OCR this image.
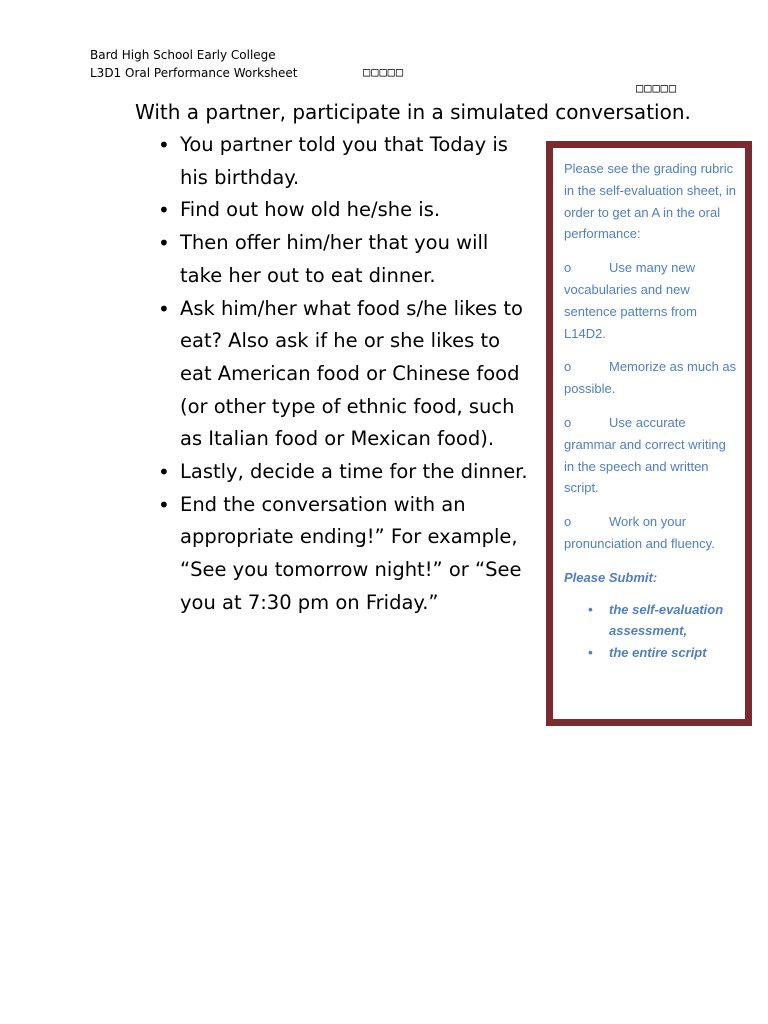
Bard High School Early College
L3D1 Oral Performance Worksheet	□□□□□
□□□□□
With a partner, participate in a simulated conversation.
• You partner told you that Today is his birthday.
• Find out how old he/she is.
• Then offer him/her that you will take her out to eat dinner.
• Ask him/her what food s/he likes to eat? Also ask if he or she likes to eat American food or Chinese food (or other type of ethnic food, such as Italian food or Mexican food).
• Lastly, decide a time for the dinner.
• End the conversation with an appropriate ending!” For example, “See you tomorrow night!” or “See you at 7:30 pm on Friday.”

Please see the grading rubric in the self-evaluation sheet, in order to get an A in the oral performance:

o	Use many new vocabularies and new sentence patterns from L14D2.

o	Memorize as much as possible.

o	Use accurate grammar and correct writing in the speech and written script.

o	Work on your pronunciation and fluency.

Please Submit:

• the self-evaluation assessment,
• the entire script
